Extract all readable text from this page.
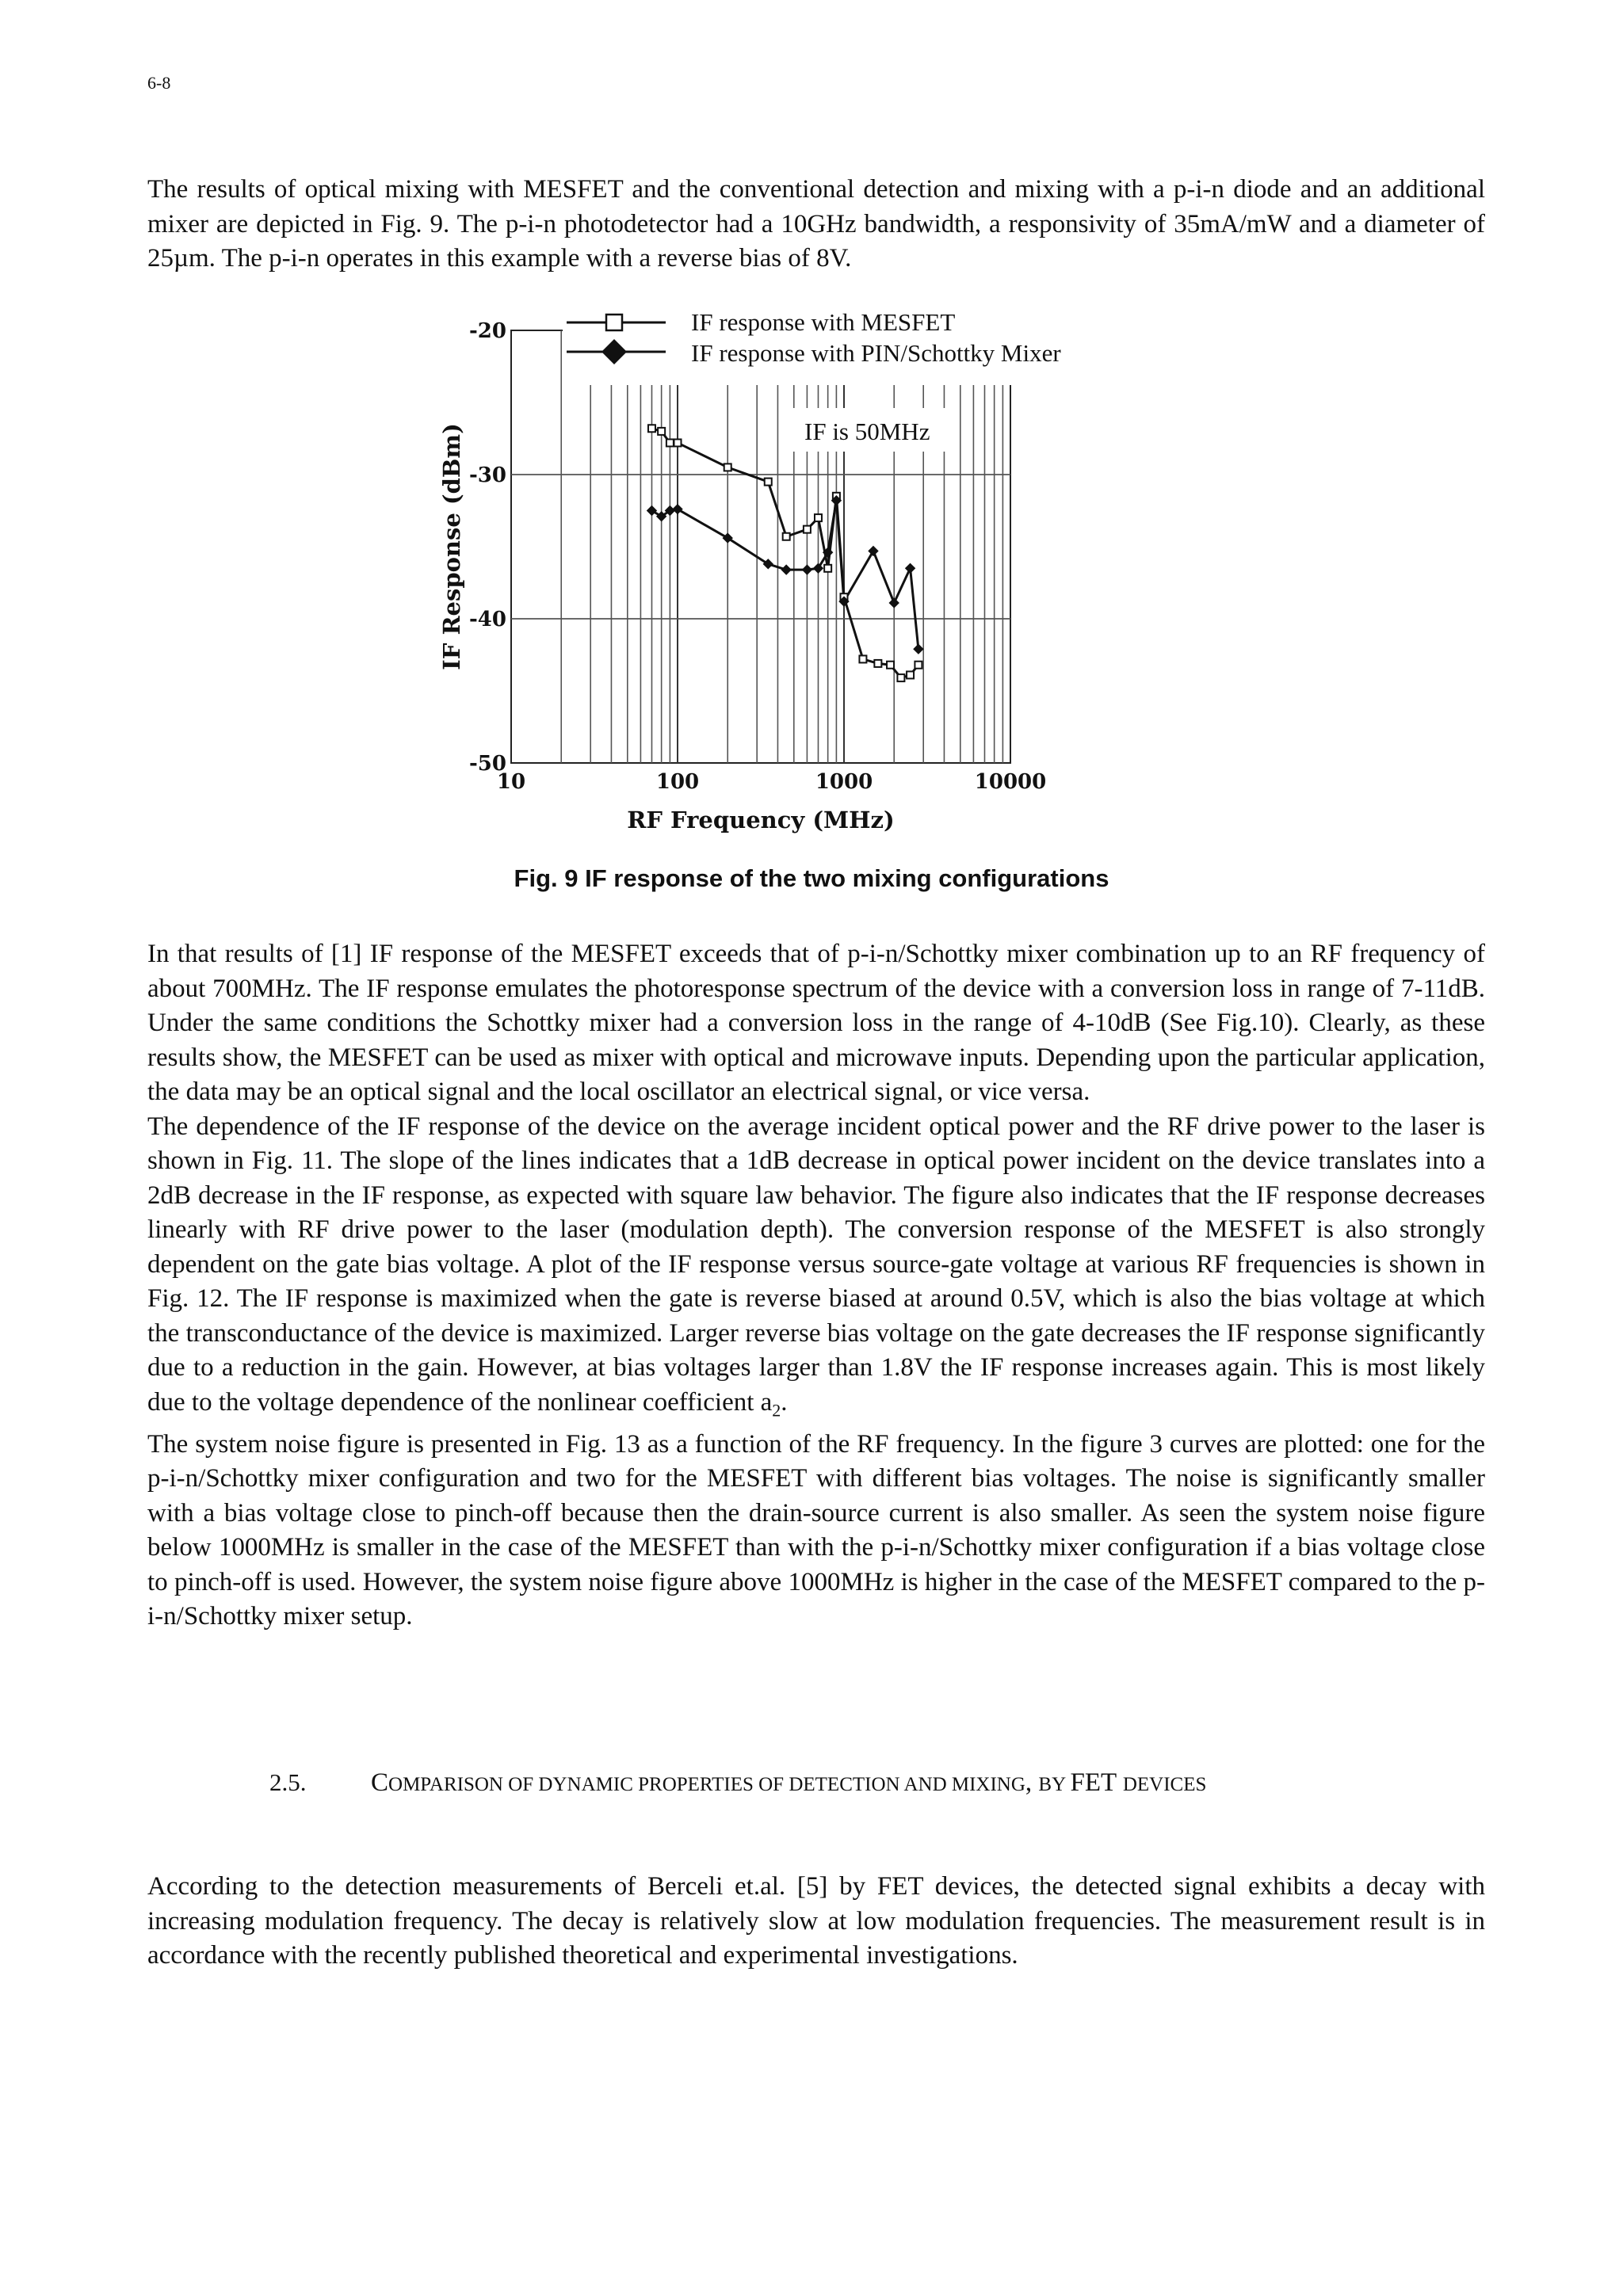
6-8

The results of optical mixing with MESFET and the conventional detection and mixing with a p-i-n diode and an additional mixer are depicted in Fig. 9. The p-i-n photodetector had a 10GHz bandwidth, a responsivity of 35mA/mW and a diameter of 25µm. The p-i-n operates in this example with a reverse bias of 8V.

-20
-30
-40
-50
10	100	1000	10000
RF Frequency (MHz)
IF Response (dBm)
IF response with MESFET
IF response with PIN/Schottky Mixer
IF is 50MHz
Fig. 9 IF response of the two mixing configurations

In that results of [1] IF response of the MESFET exceeds that of p-i-n/Schottky mixer combination up to an RF frequency of about 700MHz. The IF response emulates the photoresponse spectrum of the device with a conversion loss in range of 7-11dB. Under the same conditions the Schottky mixer had a conversion loss in the range of 4-10dB (See Fig.10). Clearly, as these results show, the MESFET can be used as mixer with optical and microwave inputs. Depending upon the particular application, the data may be an optical signal and the local oscillator an electrical signal, or vice versa.

The dependence of the IF response of the device on the average incident optical power and the RF drive power to the laser is shown in Fig. 11. The slope of the lines indicates that a 1dB decrease in optical power incident on the device translates into a 2dB decrease in the IF response, as expected with square law behavior. The figure also indicates that the IF response decreases linearly with RF drive power to the laser (modulation depth). The conversion response of the MESFET is also strongly dependent on the gate bias voltage. A plot of the IF response versus source-gate voltage at various RF frequencies is shown in Fig. 12. The IF response is maximized when the gate is reverse biased at around 0.5V, which is also the bias voltage at which the transconductance of the device is maximized. Larger reverse bias voltage on the gate decreases the IF response significantly due to a reduction in the gain. However, at bias voltages larger than 1.8V the IF response increases again. This is most likely due to the voltage dependence of the nonlinear coefficient $a_2$.

The system noise figure is presented in Fig. 13 as a function of the RF frequency. In the figure 3 curves are plotted: one for the p-i-n/Schottky mixer configuration and two for the MESFET with different bias voltages. The noise is significantly smaller with a bias voltage close to pinch-off because then the drain-source current is also smaller. As seen the system noise figure below 1000MHz is smaller in the case of the MESFET than with the p-i-n/Schottky mixer configuration if a bias voltage close to pinch-off is used. However, the system noise figure above 1000MHz is higher in the case of the MESFET compared to the p-i-n/Schottky mixer setup.

2.5. COMPARISON OF DYNAMIC PROPERTIES OF DETECTION AND MIXING, BY FET DEVICES

According to the detection measurements of Berceli et.al. [5] by FET devices, the detected signal exhibits a decay with increasing modulation frequency. The decay is relatively slow at low modulation frequencies. The measurement result is in accordance with the recently published theoretical and experimental investigations.
